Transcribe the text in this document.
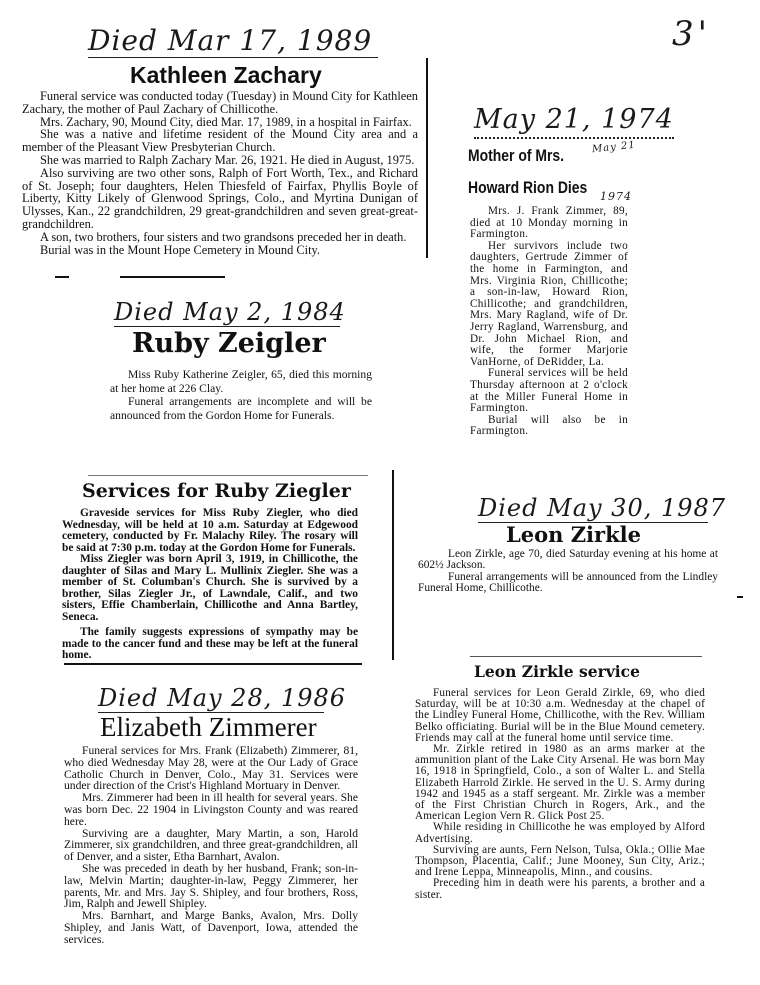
3'
Died Mar 17, 1989
Kathleen Zachary

Funeral service was conducted today (Tuesday) in Mound City for Kathleen Zachary, the mother of Paul Zachary of Chillicothe.

Mrs. Zachary, 90, Mound City, died Mar. 17, 1989, in a hospital in Fairfax.

She was a native and lifetime resident of the Mound City area and a member of the Pleasant View Presbyterian Church.

She was married to Ralph Zachary Mar. 26, 1921. He died in August, 1975.

Also surviving are two other sons, Ralph of Fort Worth, Tex., and Richard of St. Joseph; four daughters, Helen Thiesfeld of Fairfax, Phyllis Boyle of Liberty, Kitty Likely of Glenwood Springs, Colo., and Myrtina Dunigan of Ulysses, Kan., 22 grandchildren, 29 great-grandchildren and seven great-great-grandchildren.

A son, two brothers, four sisters and two grandsons preceded her in death.

Burial was in the Mount Hope Cemetery in Mound City.

Died May 2, 1984
Ruby Zeigler

Miss Ruby Katherine Zeigler, 65, died this morning at her home at 226 Clay.

Funeral arrangements are incomplete and will be announced from the Gordon Home for Funerals.

Services for Ruby Ziegler

Graveside services for Miss Ruby Ziegler, who died Wednesday, will be held at 10 a.m. Saturday at Edgewood cemetery, conducted by Fr. Malachy Riley. The rosary will be said at 7:30 p.m. today at the Gordon Home for Funerals.

Miss Ziegler was born April 3, 1919, in Chillicothe, the daughter of Silas and Mary L. Mullinix Ziegler. She was a member of St. Columban's Church. She is survived by a brother, Silas Ziegler Jr., of Lawndale, Calif., and two sisters, Effie Chamberlain, Chillicothe and Anna Bartley, Seneca.

The family suggests expressions of sympathy may be made to the cancer fund and these may be left at the funeral home.

Died May 28, 1986
Elizabeth Zimmerer

Funeral services for Mrs. Frank (Elizabeth) Zimmerer, 81, who died Wednesday May 28, were at the Our Lady of Grace Catholic Church in Denver, Colo., May 31. Services were under direction of the Crist's Highland Mortuary in Denver.

Mrs. Zimmerer had been in ill health for several years. She was born Dec. 22 1904 in Livingston County and was reared here.

Surviving are a daughter, Mary Martin, a son, Harold Zimmerer, six grandchildren, and three great-grandchildren, all of Denver, and a sister, Etha Barnhart, Avalon.

She was preceded in death by her husband, Frank; son-in-law, Melvin Martin; daughter-in-law, Peggy Zimmerer, her parents, Mr. and Mrs. Jay S. Shipley, and four brothers, Ross, Jim, Ralph and Jewell Shipley.

Mrs. Barnhart, and Marge Banks, Avalon, Mrs. Dolly Shipley, and Janis Watt, of Davenport, Iowa, attended the services.

May 21, 1974
Mother of Mrs.
Howard Rion Dies
May 21
1974

Mrs. J. Frank Zimmer, 89, died at 10 Monday morning in Farmington.

Her survivors include two daughters, Gertrude Zimmer of the home in Farmington, and Mrs. Virginia Rion, Chillicothe; a son-in-law, Howard Rion, Chillicothe; and grandchildren, Mrs. Mary Ragland, wife of Dr. Jerry Ragland, Warrensburg, and Dr. John Michael Rion, and wife, the former Marjorie VanHorne, of DeRidder, La.

Funeral services will be held Thursday afternoon at 2 o'clock at the Miller Funeral Home in Farmington.

Burial will also be in Farmington.

Died May 30, 1987
Leon Zirkle

Leon Zirkle, age 70, died Saturday evening at his home at 602½ Jackson.

Funeral arrangements will be announced from the Lindley Funeral Home, Chillicothe.

Leon Zirkle service

Funeral services for Leon Gerald Zirkle, 69, who died Saturday, will be at 10:30 a.m. Wednesday at the chapel of the Lindley Funeral Home, Chillicothe, with the Rev. William Belko officiating. Burial will be in the Blue Mound cemetery. Friends may call at the funeral home until service time.

Mr. Zirkle retired in 1980 as an arms marker at the ammunition plant of the Lake City Arsenal. He was born May 16, 1918 in Springfield, Colo., a son of Walter L. and Stella Elizabeth Harrold Zirkle. He served in the U. S. Army during 1942 and 1945 as a staff sergeant. Mr. Zirkle was a member of the First Christian Church in Rogers, Ark., and the American Legion Vern R. Glick Post 25.

While residing in Chillicothe he was employed by Alford Advertising.

Surviving are aunts, Fern Nelson, Tulsa, Okla.; Ollie Mae Thompson, Placentia, Calif.; June Mooney, Sun City, Ariz.; and Irene Leppa, Minneapolis, Minn., and cousins.

Preceding him in death were his parents, a brother and a sister.
